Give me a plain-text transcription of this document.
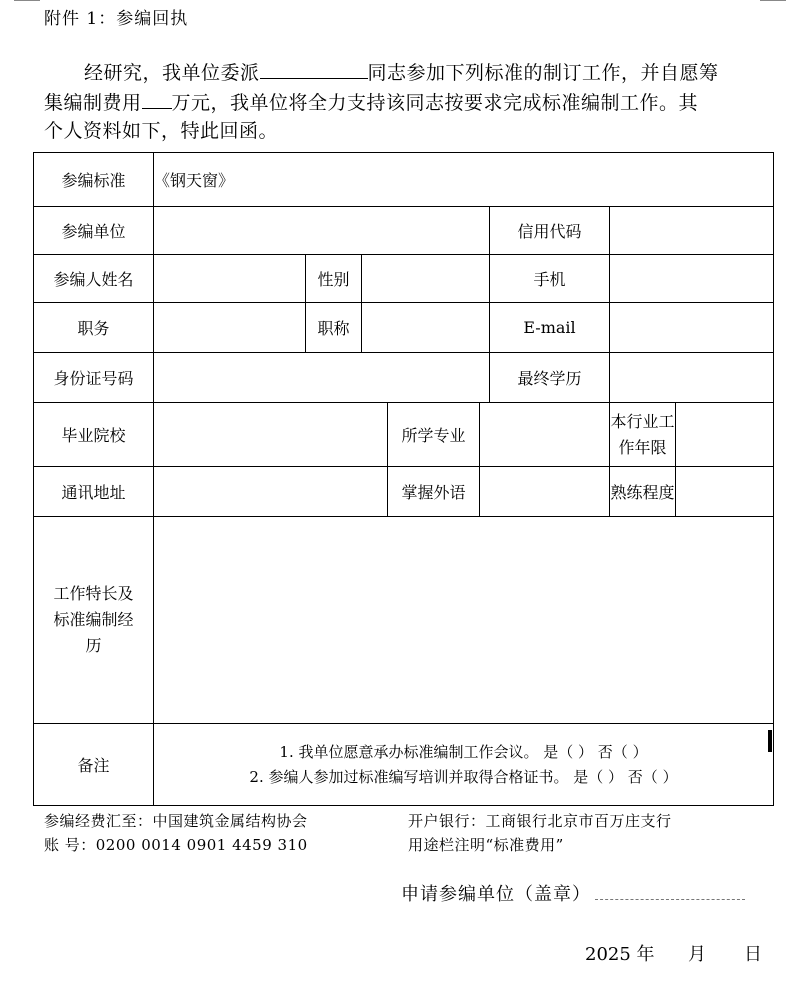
附件 1：参编回执
经研究，我单位委派	同志参加下列标准的制订工作，并自愿筹
集编制费用 万元，我单位将全力支持该同志按要求完成标准编制工作。其
个人资料如下，特此回函。
参编标准	《钢天窗》							
参编单位						信用代码		
参编人姓名		性别				手机		
职务		职称				E-mail		
身份证号码						最终学历		
毕业院校				所学专业			本行业工
作年限	

通讯地址				掌握外语			熟练程度	

工作特长及
标准编制经
历								

备注	1. 我单位愿意承办标准编制工作会议。 是（ ） 否（ ）
2. 参编人参加过标准编写培训并取得合格证书。 是（ ） 否（ ）							
参编经费汇至：中国建筑金属结构协会	开户银行：工商银行北京市百万庄支行
账 号：0200 0014 0901 4459 310	用途栏注明“标准费用”
申请参编单位（盖章）
2025 年 月 日
